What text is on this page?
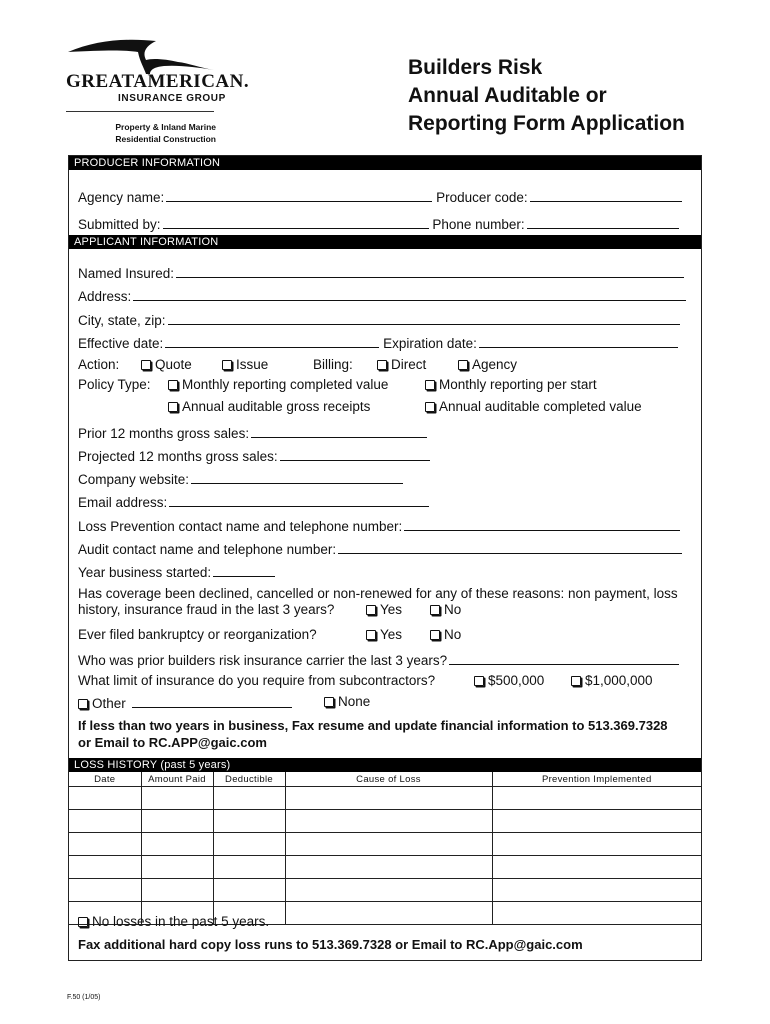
GREATAMERICAN.
INSURANCE GROUP
Property & Inland Marine
Residential Construction
Builders Risk
Annual Auditable or
Reporting Form Application
PRODUCER INFORMATION
Agency name:	Producer code:
Submitted by:	Phone number:
APPLICANT INFORMATION
Named Insured:
Address:
City, state, zip:
Effective date:	Expiration date:
Action:	Quote	Issue	Billing:	Direct	Agency
Policy Type:	Monthly reporting completed value	Monthly reporting per start
Annual auditable gross receipts	Annual auditable completed value
Prior 12 months gross sales:
Projected 12 months gross sales:
Company website:
Email address:
Loss Prevention contact name and telephone number:
Audit contact name and telephone number:
Year business started:
Has coverage been declined, cancelled or non-renewed for any of these reasons: non payment, loss
history, insurance fraud in the last 3 years?	Yes	No
Ever filed bankruptcy or reorganization?	Yes	No
Who was prior builders risk insurance carrier the last 3 years?
What limit of insurance do you require from subcontractors?	$500,000	$1,000,000
Other	None
If less than two years in business, Fax resume and update financial information to 513.369.7328
or Email to RC.APP@gaic.com
LOSS HISTORY (past 5 years)
Date	Amount Paid	Deductible	Cause of Loss	Prevention Implemented

No losses in the past 5 years.
Fax additional hard copy loss runs to 513.369.7328 or Email to RC.App@gaic.com
F.50 (1/05)
